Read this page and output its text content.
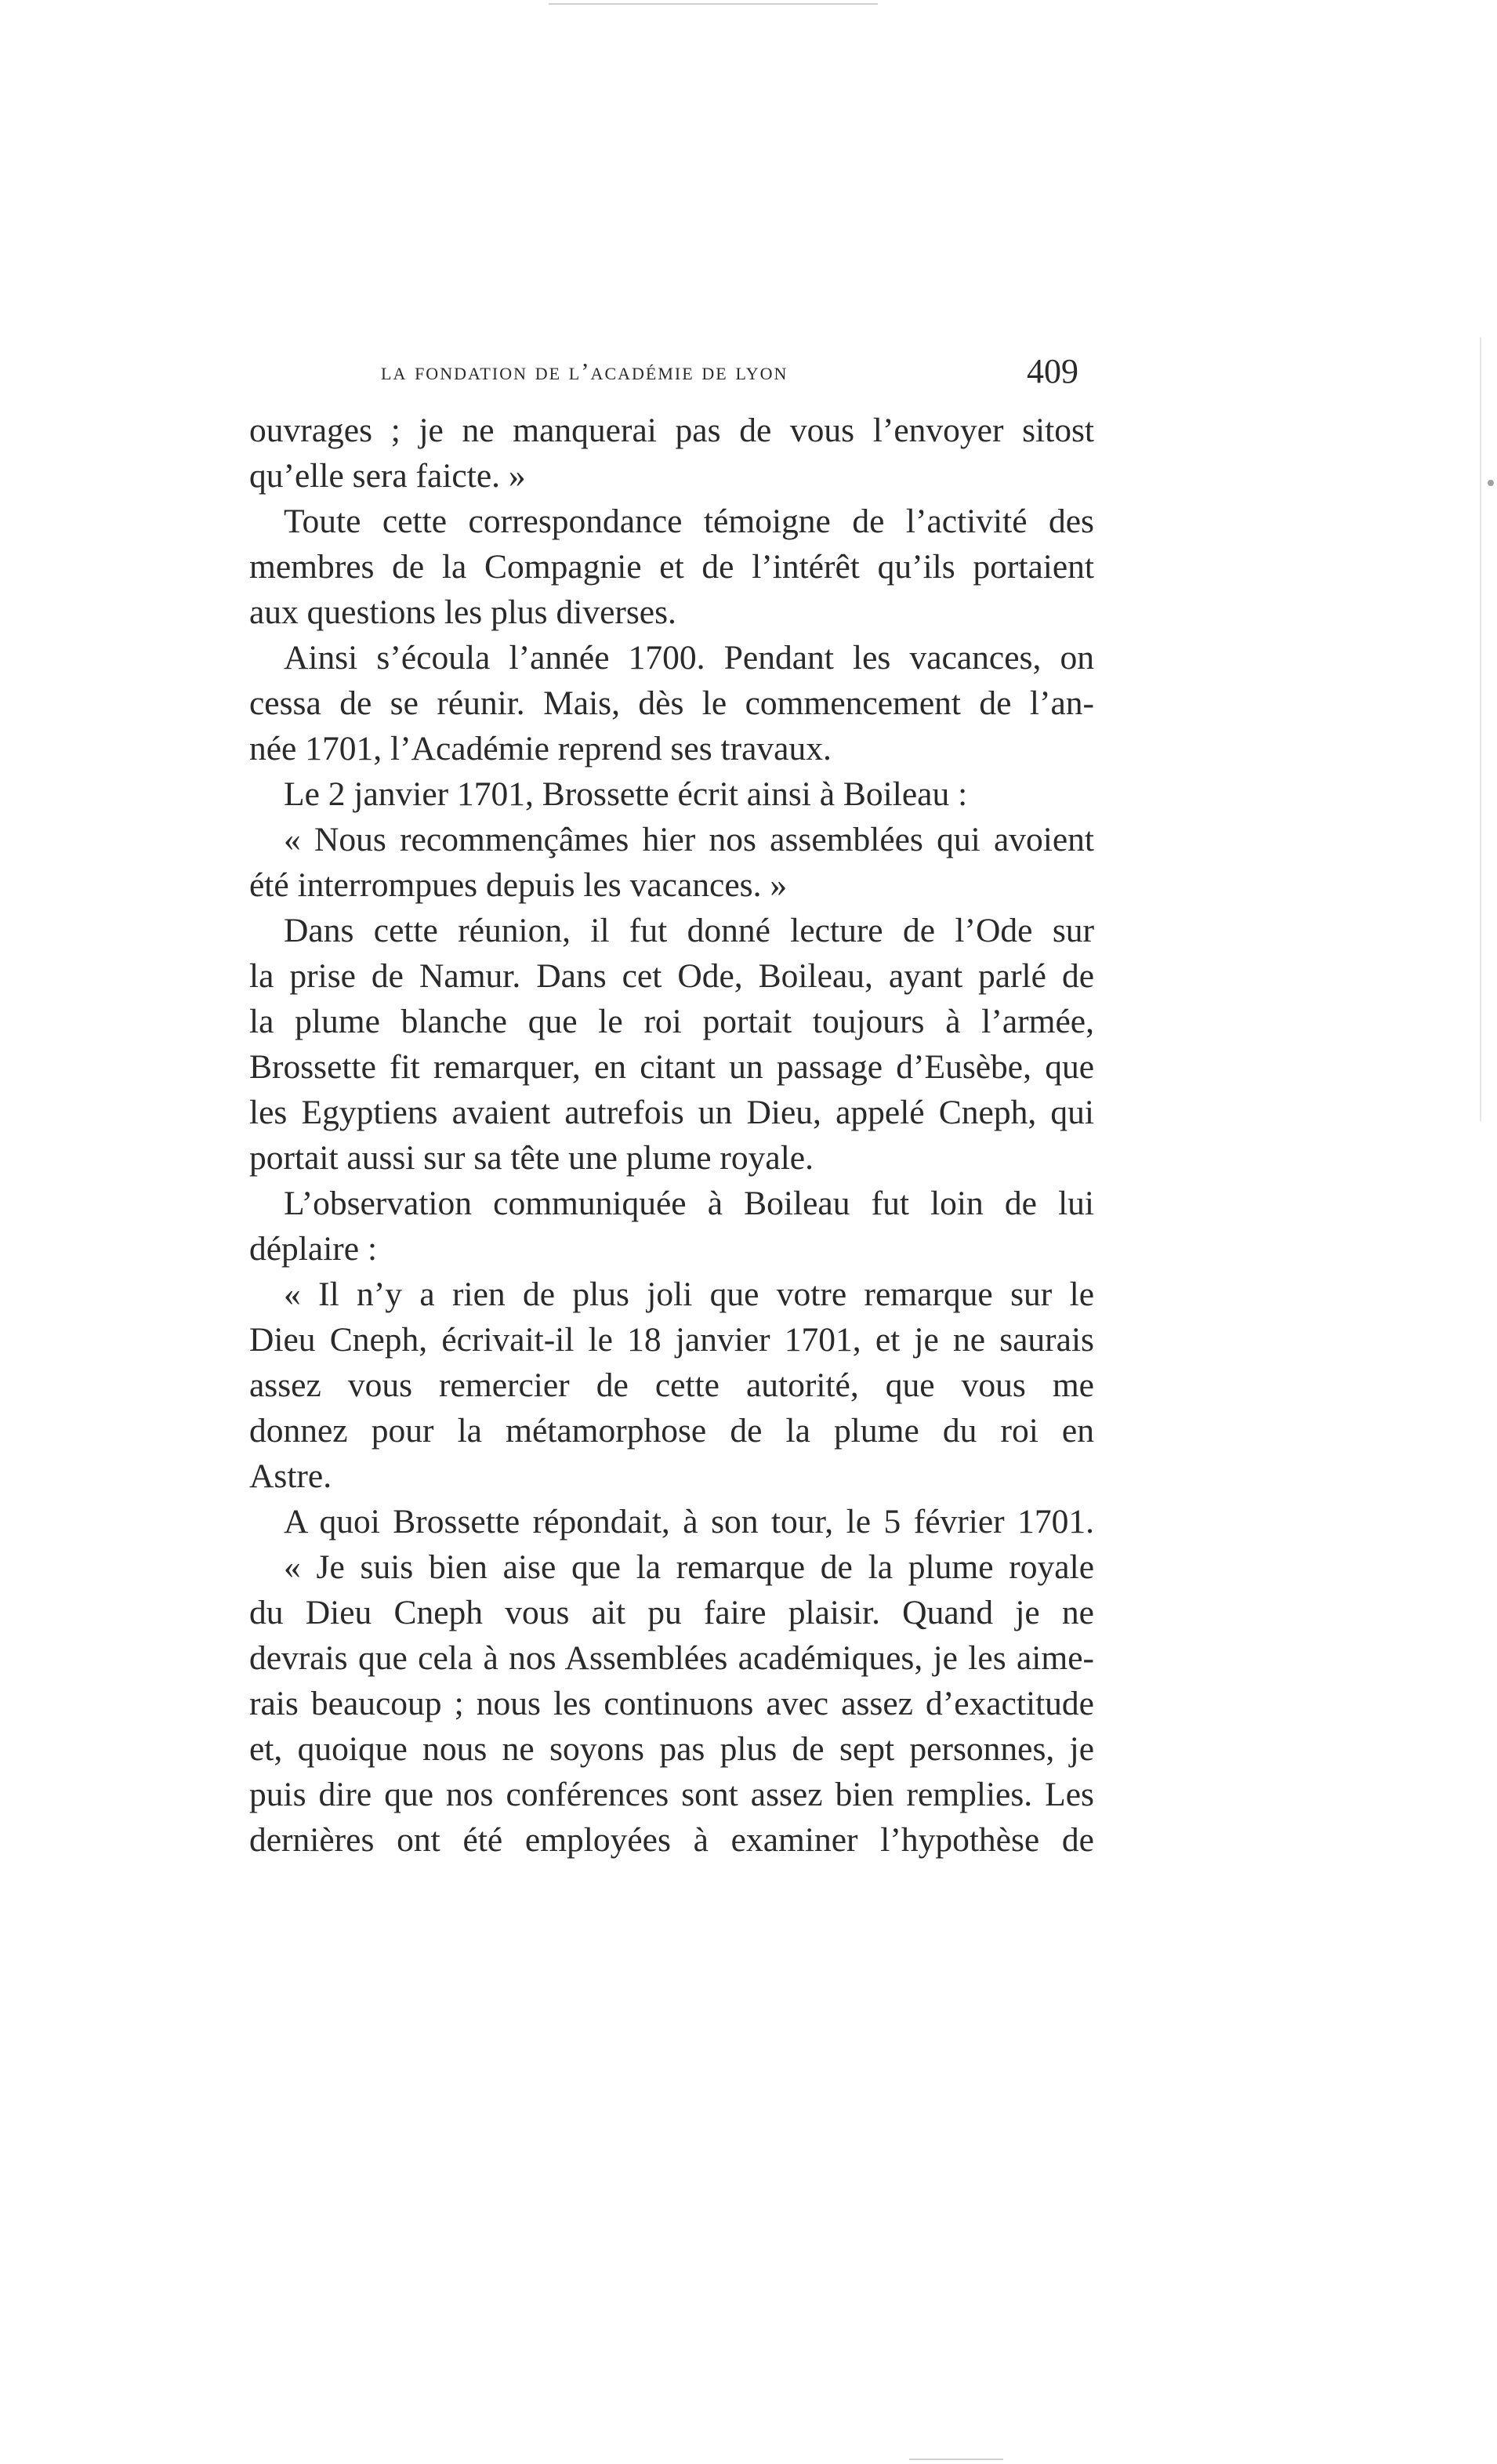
la fondation de l’académie de lyon	409
ouvrages ; je ne manquerai pas de vous l’envoyer sitost
qu’elle sera faicte. »
Toute cette correspondance témoigne de l’activité des
membres de la Compagnie et de l’intérêt qu’ils portaient
aux questions les plus diverses.
Ainsi s’écoula l’année 1700. Pendant les vacances, on
cessa de se réunir. Mais, dès le commencement de l’an-
née 1701, l’Académie reprend ses travaux.
Le 2 janvier 1701, Brossette écrit ainsi à Boileau :
« Nous recommençâmes hier nos assemblées qui avoient
été interrompues depuis les vacances. »
Dans cette réunion, il fut donné lecture de l’Ode sur
la prise de Namur. Dans cet Ode, Boileau, ayant parlé de
la plume blanche que le roi portait toujours à l’armée,
Brossette fit remarquer, en citant un passage d’Eusèbe, que
les Egyptiens avaient autrefois un Dieu, appelé Cneph, qui
portait aussi sur sa tête une plume royale.
L’observation communiquée à Boileau fut loin de lui
déplaire :
« Il n’y a rien de plus joli que votre remarque sur le
Dieu Cneph, écrivait-il le 18 janvier 1701, et je ne saurais
assez vous remercier de cette autorité, que vous me
donnez pour la métamorphose de la plume du roi en
Astre.
A quoi Brossette répondait, à son tour, le 5 février 1701.
« Je suis bien aise que la remarque de la plume royale
du Dieu Cneph vous ait pu faire plaisir. Quand je ne
devrais que cela à nos Assemblées académiques, je les aime-
rais beaucoup ; nous les continuons avec assez d’exactitude
et, quoique nous ne soyons pas plus de sept personnes, je
puis dire que nos conférences sont assez bien remplies. Les
dernières ont été employées à examiner l’hypothèse de
